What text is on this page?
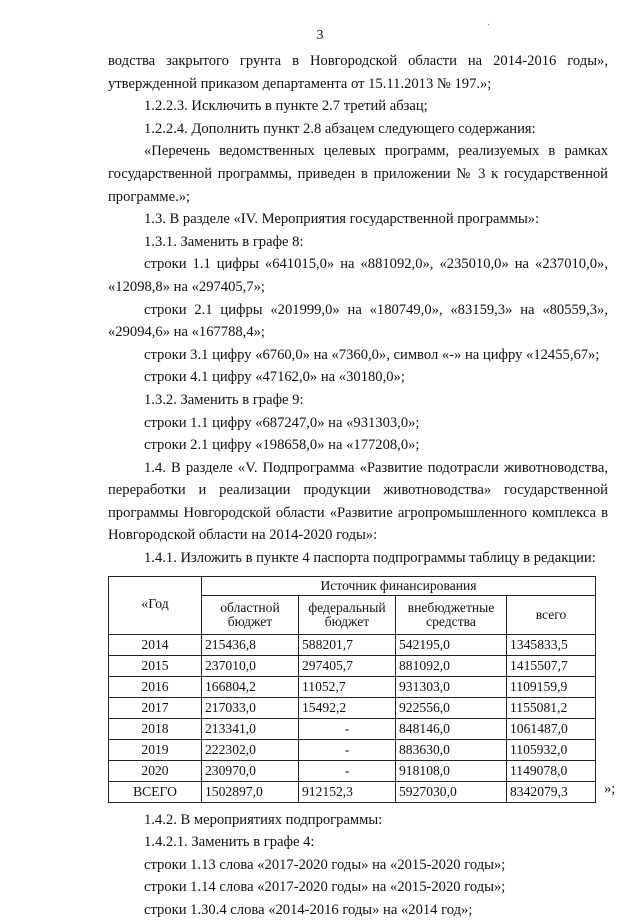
3
·

водства закрытого грунта в Новгородской области на 2014-2016 годы», утвержденной приказом департамента от 15.11.2013 № 197.»;

1.2.2.3. Исключить в пункте 2.7 третий абзац;

1.2.2.4. Дополнить пункт 2.8 абзацем следующего содержания:

«Перечень ведомственных целевых программ, реализуемых в рамках государственной программы, приведен в приложении № 3 к государственной программе.»;

1.3. В разделе «IV. Мероприятия государственной программы»:

1.3.1. Заменить в графе 8:

строки 1.1 цифры «641015,0» на «881092,0», «235010,0» на «237010,0», «12098,8» на «297405,7»;

строки 2.1 цифры «201999,0» на «180749,0», «83159,3» на «80559,3», «29094,6» на «167788,4»;

строки 3.1 цифру «6760,0» на «7360,0», символ «-» на цифру «12455,67»;

строки 4.1 цифру «47162,0» на «30180,0»;

1.3.2. Заменить в графе 9:

строки 1.1 цифру «687247,0» на «931303,0»;

строки 2.1 цифру «198658,0» на «177208,0»;

1.4. В разделе «V. Подпрограмма «Развитие подотрасли животноводства, переработки и реализации продукции животноводства» государственной программы Новгородской области «Развитие агропромышленного комплекса в Новгородской области на 2014-2020 годы»:

1.4.1. Изложить в пункте 4 паспорта подпрограммы таблицу в редакции:

«Год	Источник финансирования			
	областной бюджет	федеральный бюджет	внебюджетные средства	всего
2014	215436,8	588201,7	542195,0	1345833,5
2015	237010,0	297405,7	881092,0	1415507,7
2016	166804,2	11052,7	931303,0	1109159,9
2017	217033,0	15492,2	922556,0	1155081,2
2018	213341,0	-	848146,0	1061487,0
2019	222302,0	-	883630,0	1105932,0
2020	230970,0	-	918108,0	1149078,0
ВСЕГО	1502897,0	912152,3	5927030,0	8342079,3 »;

1.4.2. В мероприятиях подпрограммы:

1.4.2.1. Заменить в графе 4:

строки 1.13 слова «2017-2020 годы» на «2015-2020 годы»;

строки 1.14 слова «2017-2020 годы» на «2015-2020 годы»;

строки 1.30.4 слова «2014-2016 годы» на «2014 год»;
